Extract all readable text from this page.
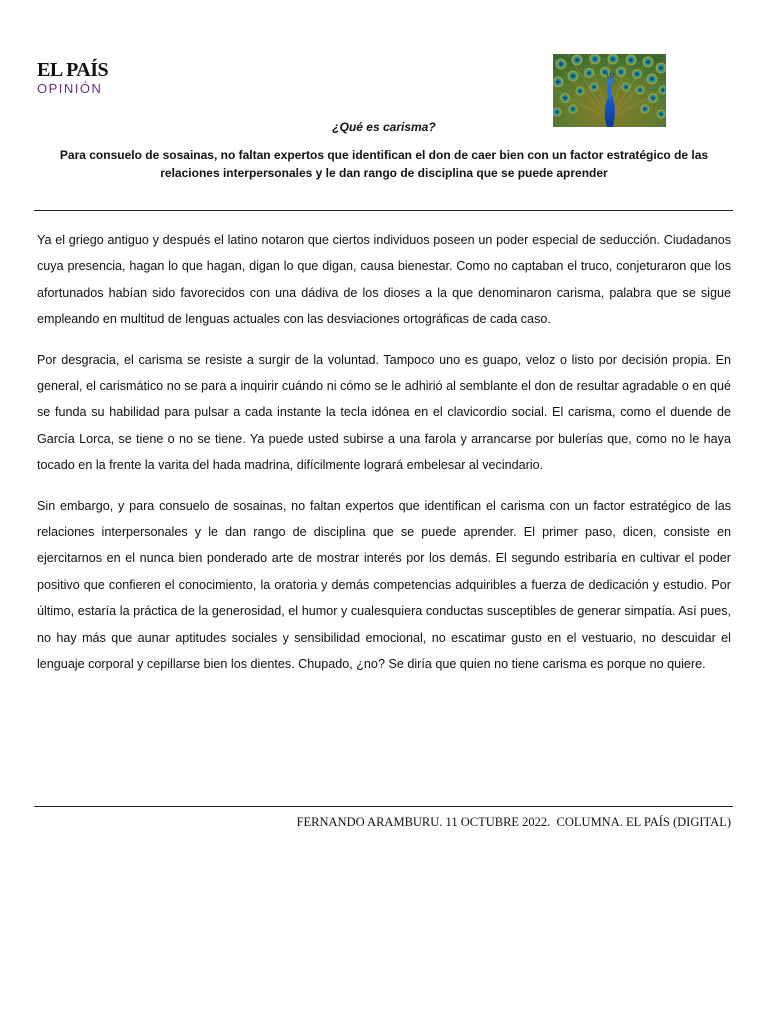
EL PAÍS
OPINIÓN
¿Qué es carisma?
Para consuelo de sosainas, no faltan expertos que identifican el don de caer bien con un factor estratégico de las relaciones interpersonales y le dan rango de disciplina que se puede aprender

Ya el griego antiguo y después el latino notaron que ciertos individuos poseen un poder especial de seducción. Ciudadanos cuya presencia, hagan lo que hagan, digan lo que digan, causa bienestar. Como no captaban el truco, conjeturaron que los afortunados habían sido favorecidos con una dádiva de los dioses a la que denominaron carisma, palabra que se sigue empleando en multitud de lenguas actuales con las desviaciones ortográficas de cada caso.

Por desgracia, el carisma se resiste a surgir de la voluntad. Tampoco uno es guapo, veloz o listo por decisión propia. En general, el carismático no se para a inquirir cuándo ni cómo se le adhirió al semblante el don de resultar agradable o en qué se funda su habilidad para pulsar a cada instante la tecla idónea en el clavicordio social. El carisma, como el duende de García Lorca, se tiene o no se tiene. Ya puede usted subirse a una farola y arrancarse por bulerías que, como no le haya tocado en la frente la varita del hada madrina, difícilmente logrará embelesar al vecindario.

Sin embargo, y para consuelo de sosainas, no faltan expertos que identifican el carisma con un factor estratégico de las relaciones interpersonales y le dan rango de disciplina que se puede aprender. El primer paso, dicen, consiste en ejercitarnos en el nunca bien ponderado arte de mostrar interés por los demás. El segundo estribaría en cultivar el poder positivo que confieren el conocimiento, la oratoria y demás competencias adquiribles a fuerza de dedicación y estudio. Por último, estaría la práctica de la generosidad, el humor y cualesquiera conductas susceptibles de generar simpatía. Así pues, no hay más que aunar aptitudes sociales y sensibilidad emocional, no escatimar gusto en el vestuario, no descuidar el lenguaje corporal y cepillarse bien los dientes. Chupado, ¿no? Se diría que quien no tiene carisma es porque no quiere.

FERNANDO ARAMBURU. 11 OCTUBRE 2022.  COLUMNA. EL PAÍS (DIGITAL)
